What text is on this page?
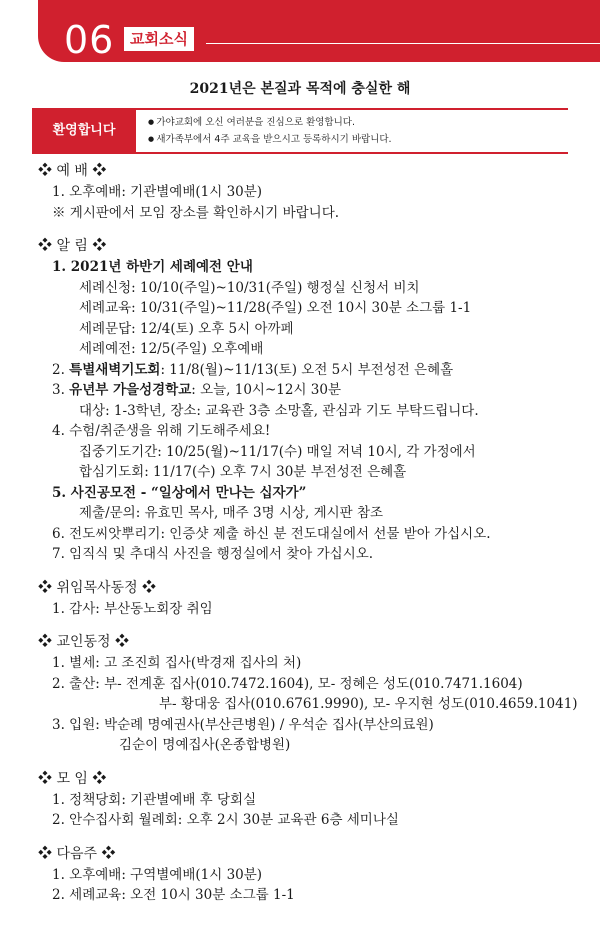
06	교회소식
2021년은 본질과 목적에 충실한 해
환영합니다
● 가야교회에 오신 여러분을 진심으로 환영합니다.
● 새가족부에서 4주 교육을 받으시고 등록하시기 바랍니다.
❖ 예 배 ❖
1. 오후예배: 기관별예배(1시 30분)
※ 게시판에서 모임 장소를 확인하시기 바랍니다.
❖ 알 림 ❖
1. 2021년 하반기 세례예전 안내
세례신청: 10/10(주일)~10/31(주일) 행정실 신청서 비치
세례교육: 10/31(주일)~11/28(주일) 오전 10시 30분 소그룹 1-1
세례문답: 12/4(토) 오후 5시 아까페
세례예전: 12/5(주일) 오후예배
2. 특별새벽기도회: 11/8(월)~11/13(토) 오전 5시 부전성전 은혜홀
3. 유년부 가을성경학교: 오늘, 10시~12시 30분
대상: 1-3학년, 장소: 교육관 3층 소망홀, 관심과 기도 부탁드립니다.
4. 수험/취준생을 위해 기도해주세요!
집중기도기간: 10/25(월)~11/17(수) 매일 저녁 10시, 각 가정에서
합심기도회: 11/17(수) 오후 7시 30분 부전성전 은혜홀
5. 사진공모전 - “일상에서 만나는 십자가”
제출/문의: 유효민 목사, 매주 3명 시상, 게시판 참조
6. 전도씨앗뿌리기: 인증샷 제출 하신 분 전도대실에서 선물 받아 가십시오.
7. 임직식 및 추대식 사진을 행정실에서 찾아 가십시오.
❖ 위임목사동정 ❖
1. 감사: 부산동노회장 취임
❖ 교인동정 ❖
1. 별세: 고 조진희 집사(박경재 집사의 처)
2. 출산: 부- 전계훈 집사(010.7472.1604), 모- 정혜은 성도(010.7471.1604)
부- 황대웅 집사(010.6761.9990), 모- 우지현 성도(010.4659.1041)
3. 입원: 박순례 명예권사(부산큰병원) / 우석순 집사(부산의료원)
김순이 명예집사(온종합병원)
❖ 모 임 ❖
1. 정책당회: 기관별예배 후 당회실
2. 안수집사회 월례회: 오후 2시 30분 교육관 6층 세미나실
❖ 다음주 ❖
1. 오후예배: 구역별예배(1시 30분)
2. 세례교육: 오전 10시 30분 소그룹 1-1
